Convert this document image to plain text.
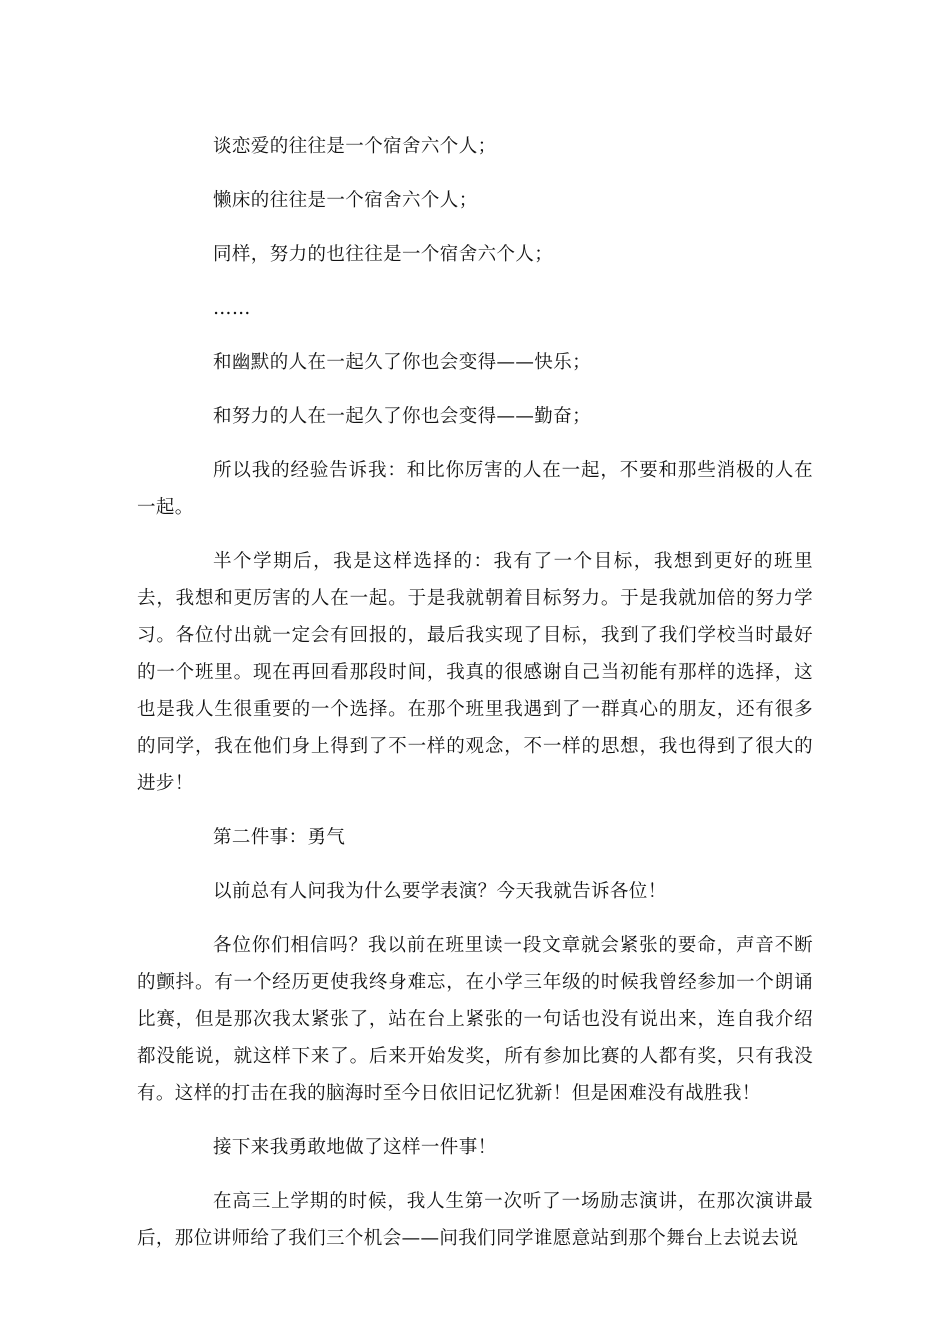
谈恋爱的往往是一个宿舍六个人；

懒床的往往是一个宿舍六个人；

同样，努力的也往往是一个宿舍六个人；

……

和幽默的人在一起久了你也会变得——快乐；

和努力的人在一起久了你也会变得——勤奋；

所以我的经验告诉我：和比你厉害的人在一起，不要和那些消极的人在一起。

半个学期后，我是这样选择的：我有了一个目标，我想到更好的班里去，我想和更厉害的人在一起。于是我就朝着目标努力。于是我就加倍的努力学习。各位付出就一定会有回报的，最后我实现了目标，我到了我们学校当时最好的一个班里。现在再回看那段时间，我真的很感谢自己当初能有那样的选择，这也是我人生很重要的一个选择。在那个班里我遇到了一群真心的朋友，还有很多的同学，我在他们身上得到了不一样的观念，不一样的思想，我也得到了很大的进步！

第二件事：勇气

以前总有人问我为什么要学表演？今天我就告诉各位！

各位你们相信吗？我以前在班里读一段文章就会紧张的要命，声音不断的颤抖。有一个经历更使我终身难忘，在小学三年级的时候我曾经参加一个朗诵比赛，但是那次我太紧张了，站在台上紧张的一句话也没有说出来，连自我介绍都没能说，就这样下来了。后来开始发奖，所有参加比赛的人都有奖，只有我没有。这样的打击在我的脑海时至今日依旧记忆犹新！但是困难没有战胜我！

接下来我勇敢地做了这样一件事！

在高三上学期的时候，我人生第一次听了一场励志演讲，在那次演讲最后，那位讲师给了我们三个机会——问我们同学谁愿意站到那个舞台上去说去说
